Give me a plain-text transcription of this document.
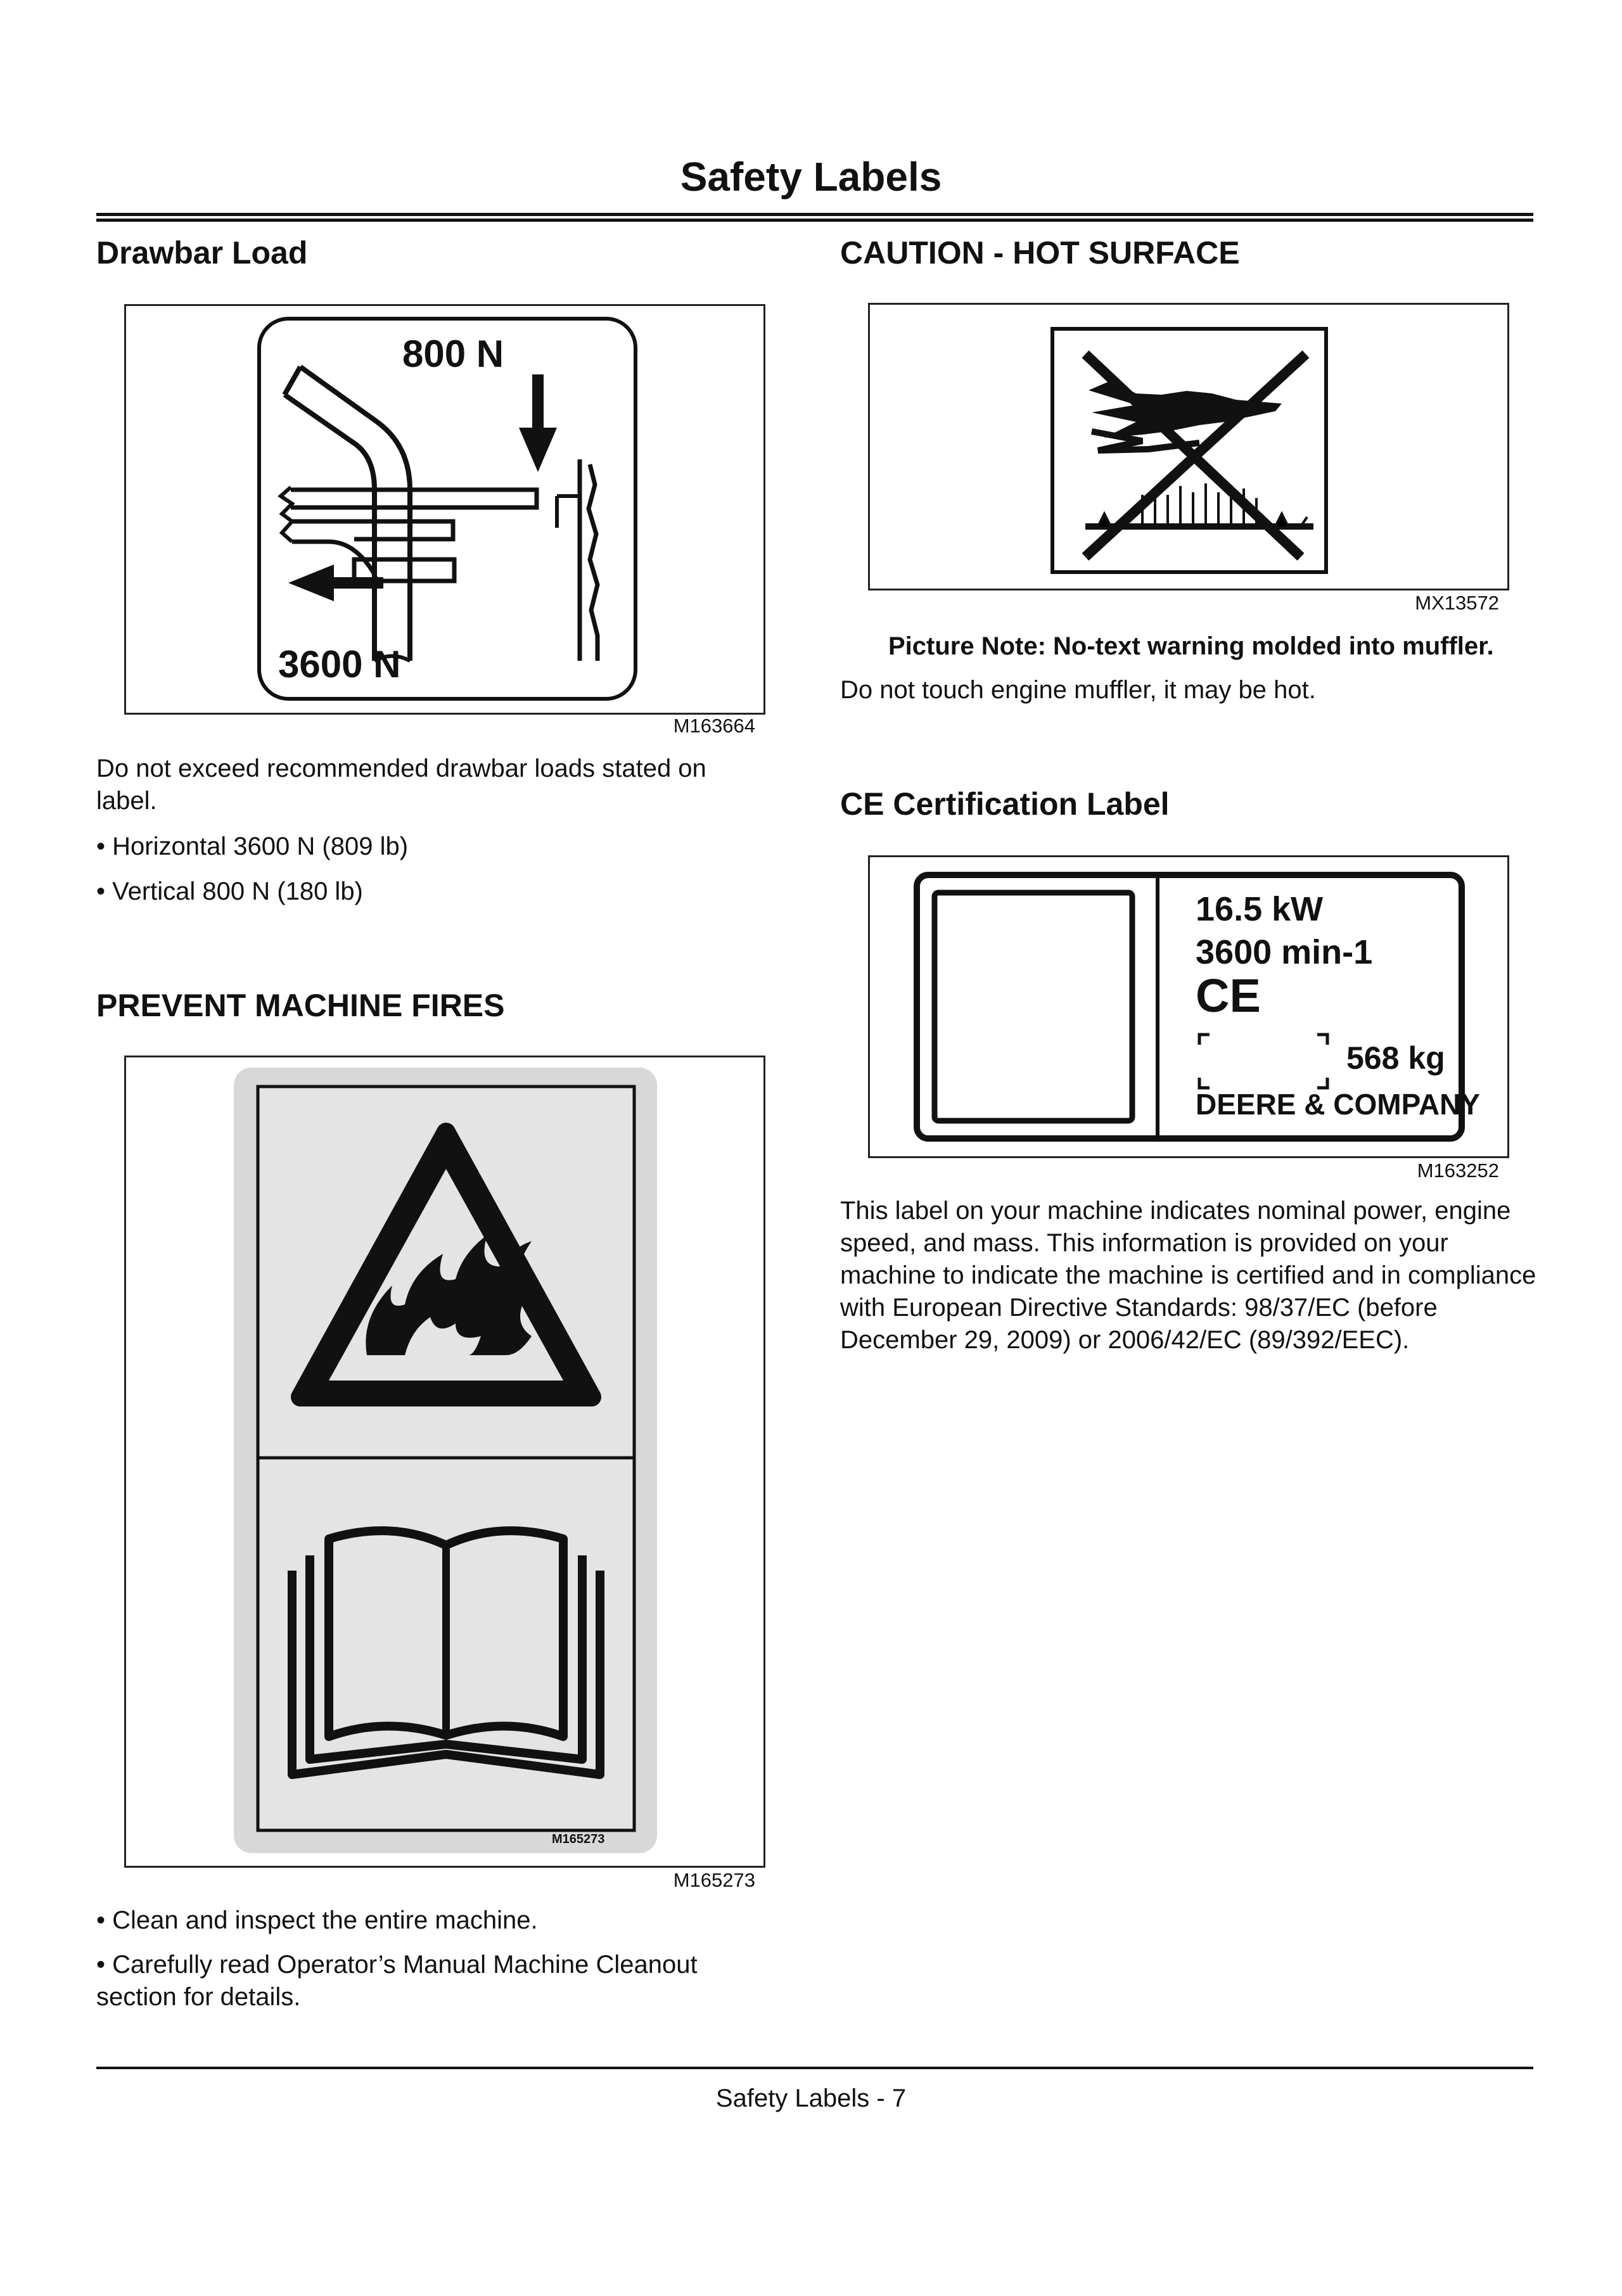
Safety Labels
Drawbar Load
800 N
3600 N
M163664

Do not exceed recommended drawbar loads stated on label.

• Horizontal 3600 N (809 lb)

• Vertical 800 N (180 lb)

PREVENT MACHINE FIRES
M165273
M165273

• Clean and inspect the entire machine.

• Carefully read Operator’s Manual Machine Cleanout section for details.

CAUTION - HOT SURFACE
MX13572
Picture Note: No-text warning molded into muffler.

Do not touch engine muffler, it may be hot.

CE Certification Label
16.5 kW
3600 min-1
CE
568 kg
DEERE & COMPANY
M163252

This label on your machine indicates nominal power, engine speed, and mass. This information is provided on your machine to indicate the machine is certified and in compliance with European Directive Standards: 98/37/EC (before December 29, 2009) or 2006/42/EC (89/392/EEC).

Safety Labels - 7
